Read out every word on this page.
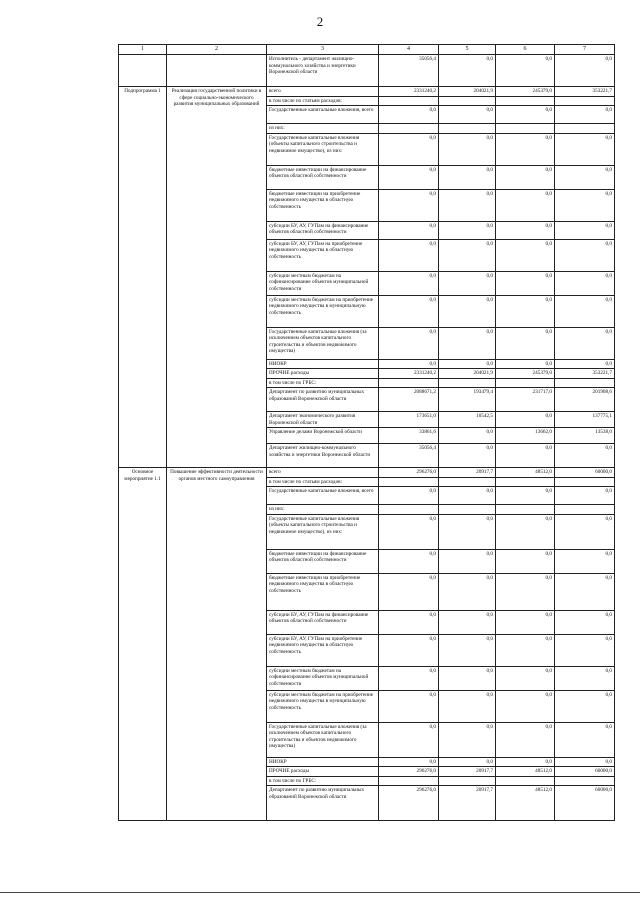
2
1	2	3	4	5	6	7
		Исполнитель - департамент жилищно-коммунального хозяйства и энергетики Воронежской области	35056,4	0,0	0,0	0,0
Подпрограмма 1	Реализация государственной политики в сфере социально-экономического развития муниципальных образований	всего	2331240,2	204021,9	245379,0	353221,7
		в том числе по статьям расходов:				
		Государственные капитальные вложения, всего	0,0	0,0	0,0	0,0
		из них:				
		Государственные капитальные вложения (объекты капитального строительства и недвижимое имущество), из них:	0,0	0,0	0,0	0,0
		бюджетные инвестиции на финансирование объектов областной собственности	0,0	0,0	0,0	0,0
		бюджетные инвестиции на приобретение недвижимого имущества в областную собственность	0,0	0,0	0,0	0,0
		субсидии БУ, АУ, ГУПам на финансирование объектов областной собственности	0,0	0,0	0,0	0,0
		субсидии БУ, АУ, ГУПам на приобретение недвижимого имущества в областную собственность	0,0	0,0	0,0	0,0
		субсидии местным бюджетам на софинансирование объектов муниципальной собственности	0,0	0,0	0,0	0,0
		субсидии местным бюджетам на приобретение недвижимого имущества в муниципальную собственность	0,0	0,0	0,0	0,0
		Государственные капитальные вложения (за исключением объектов капитального строительства и объектов недвижимого имущества)	0,0	0,0	0,0	0,0
		НИОКР	0,0	0,0	0,0	0,0
		ПРОЧИЕ расходы	2331240,2	204021,9	245379,0	353221,7
		в том числе по ГРБС:				
		Департамент по развитию муниципальных образований Воронежской области	2088671,2	193479,4	231717,0	201908,6
		Департамент экономического развития Воронежской области	173651,0	10542,5	0,0	137775,1
		Управление делами Воронежской области	33861,6	0,0	13662,0	13538,0
		Департамент жилищно-коммунального хозяйства и энергетики Воронежской области	35056,4	0,0	0,0	0,0
Основное мероприятие 1.1	Повышение эффективности деятельности органов местного самоуправления	всего	296276,0	20917,7	48512,0	60000,0
		в том числе по статьям расходов:				
		Государственные капитальные вложения, всего	0,0	0,0	0,0	0,0
		из них:				
		Государственные капитальные вложения (объекты капитального строительства и недвижимое имущество), из них:	0,0	0,0	0,0	0,0
		бюджетные инвестиции на финансирование объектов областной собственности	0,0	0,0	0,0	0,0
		бюджетные инвестиции на приобретение недвижимого имущества в областную собственность	0,0	0,0	0,0	0,0
		субсидии БУ, АУ, ГУПам на финансирование объектов областной собственности	0,0	0,0	0,0	0,0
		субсидии БУ, АУ, ГУПам на приобретение недвижимого имущества в областную собственность	0,0	0,0	0,0	0,0
		субсидии местным бюджетам на софинансирование объектов муниципальной собственности	0,0	0,0	0,0	0,0
		субсидии местным бюджетам на приобретение недвижимого имущества в муниципальную собственность	0,0	0,0	0,0	0,0
		Государственные капитальные вложения (за исключением объектов капитального строительства и объектов недвижимого имущества)	0,0	0,0	0,0	0,0
		НИОКР	0,0	0,0	0,0	0,0
		ПРОЧИЕ расходы	296276,0	20917,7	48512,0	60000,0
		в том числе по ГРБС:				
		Департамент по развитию муниципальных образований Воронежской области	296276,0	20917,7	48512,0	60000,0
